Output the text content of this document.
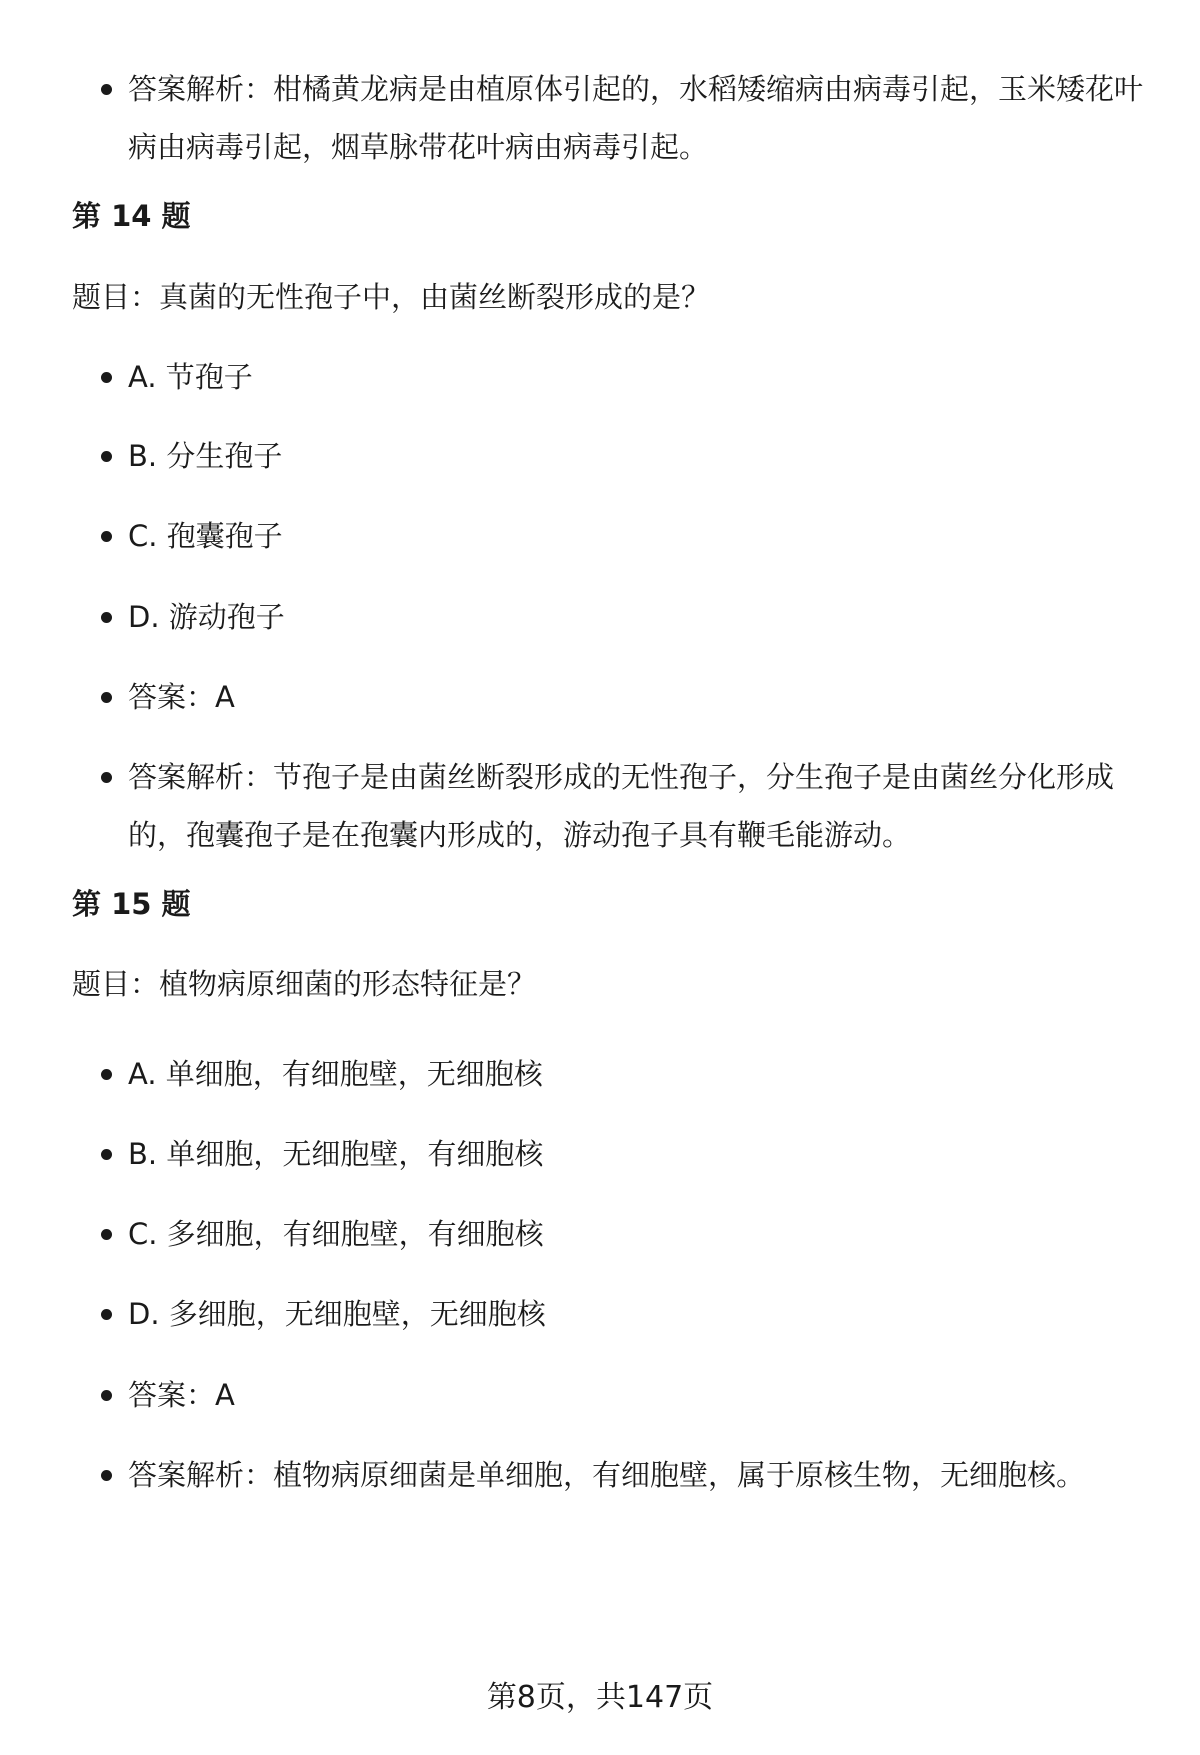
答案解析：柑橘黄龙病是由植原体引起的，水稻矮缩病由病毒引起，玉米矮花叶病由病毒引起，烟草脉带花叶病由病毒引起。
第 14 题
题目：真菌的无性孢子中，由菌丝断裂形成的是？
A. 节孢子
B. 分生孢子
C. 孢囊孢子
D. 游动孢子
答案：A
答案解析：节孢子是由菌丝断裂形成的无性孢子，分生孢子是由菌丝分化形成的，孢囊孢子是在孢囊内形成的，游动孢子具有鞭毛能游动。
第 15 题
题目：植物病原细菌的形态特征是？
A. 单细胞，有细胞壁，无细胞核
B. 单细胞，无细胞壁，有细胞核
C. 多细胞，有细胞壁，有细胞核
D. 多细胞，无细胞壁，无细胞核
答案：A
答案解析：植物病原细菌是单细胞，有细胞壁，属于原核生物，无细胞核。
第8页，共147页
